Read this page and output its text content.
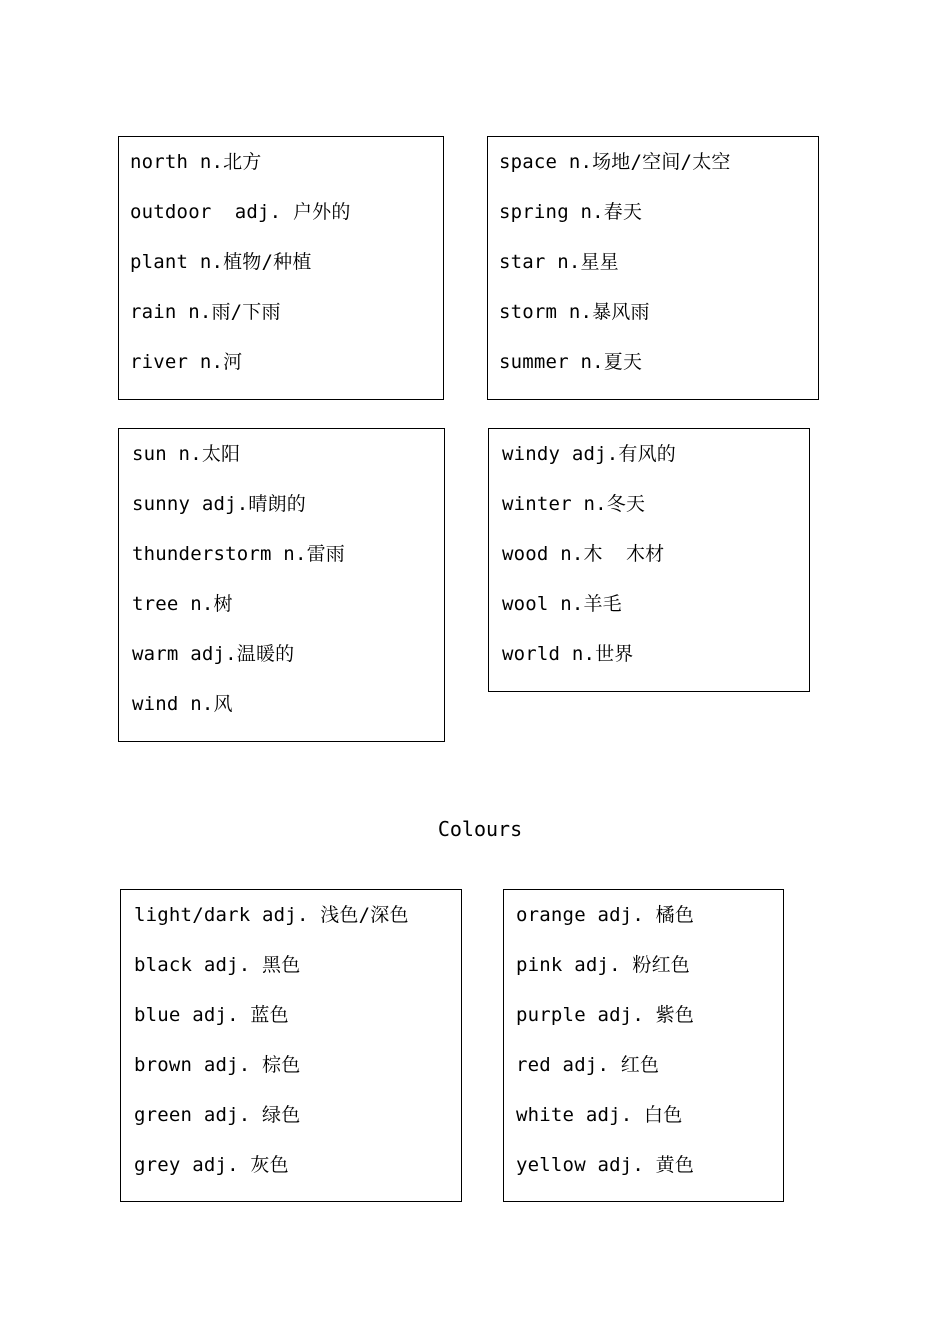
north n.北方
outdoor  adj. 户外的
plant n.植物/种植
rain n.雨/下雨
river n.河
space n.场地/空间/太空
spring n.春天
star n.星星
storm n.暴风雨
summer n.夏天
sun n.太阳
sunny adj.晴朗的
thunderstorm n.雷雨
tree n.树
warm adj.温暖的
wind n.风
windy adj.有风的
winter n.冬天
wood n.木  木材
wool n.羊毛
world n.世界
Colours
light/dark adj. 浅色/深色
black adj. 黑色
blue adj. 蓝色
brown adj. 棕色
green adj. 绿色
grey adj. 灰色
orange adj. 橘色
pink adj. 粉红色
purple adj. 紫色
red adj. 红色
white adj. 白色
yellow adj. 黄色
